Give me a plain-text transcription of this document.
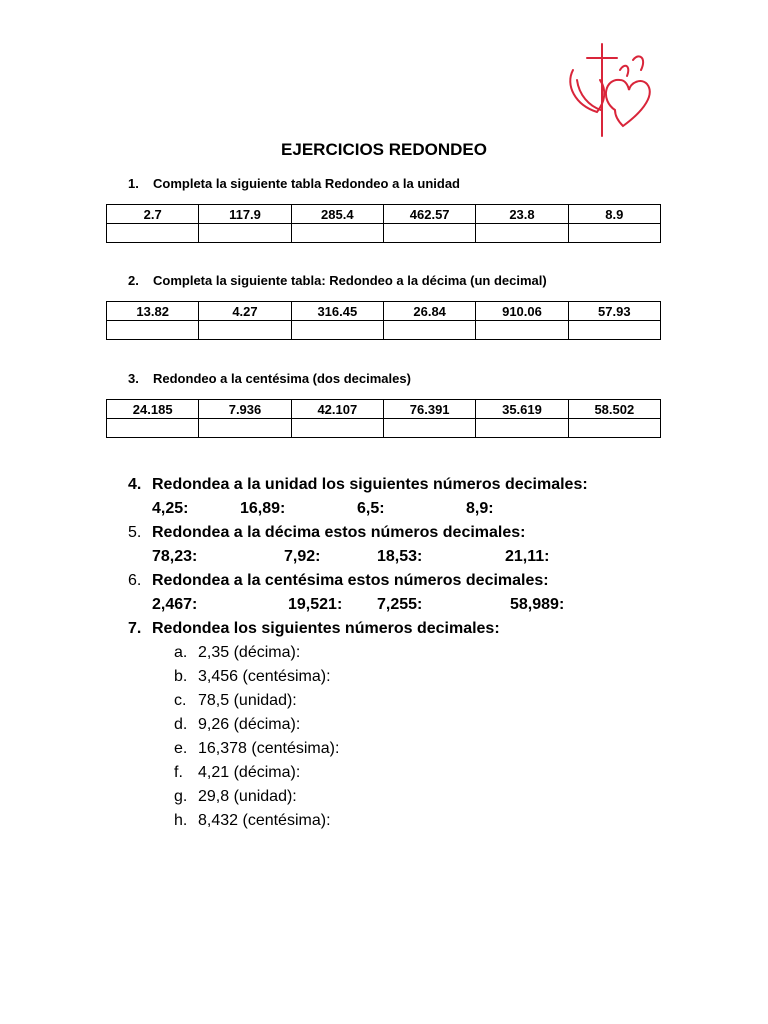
EJERCICIOS REDONDEO
1. Completa la siguiente tabla Redondeo a la unidad
2.7	117.9	285.4	462.57	23.8	8.9

2. Completa la siguiente tabla: Redondeo a la décima (un decimal)
13.82	4.27	316.45	26.84	910.06	57.93

3. Redondeo a la centésima (dos decimales)
24.185	7.936	42.107	76.391	35.619	58.502

4. Redondea a la unidad los siguientes números decimales:
4,25:	16,89:	6,5:	8,9:
5. Redondea a la décima estos números decimales:
78,23:	7,92:	18,53:	21,11:
6. Redondea a la centésima estos números decimales:
2,467:	19,521: 7,255:	58,989:
7. Redondea los siguientes números decimales:
a. 2,35 (décima):
b. 3,456 (centésima):
c. 78,5 (unidad):
d. 9,26 (décima):
e. 16,378 (centésima):
f. 4,21 (décima):
g. 29,8 (unidad):
h. 8,432 (centésima):
